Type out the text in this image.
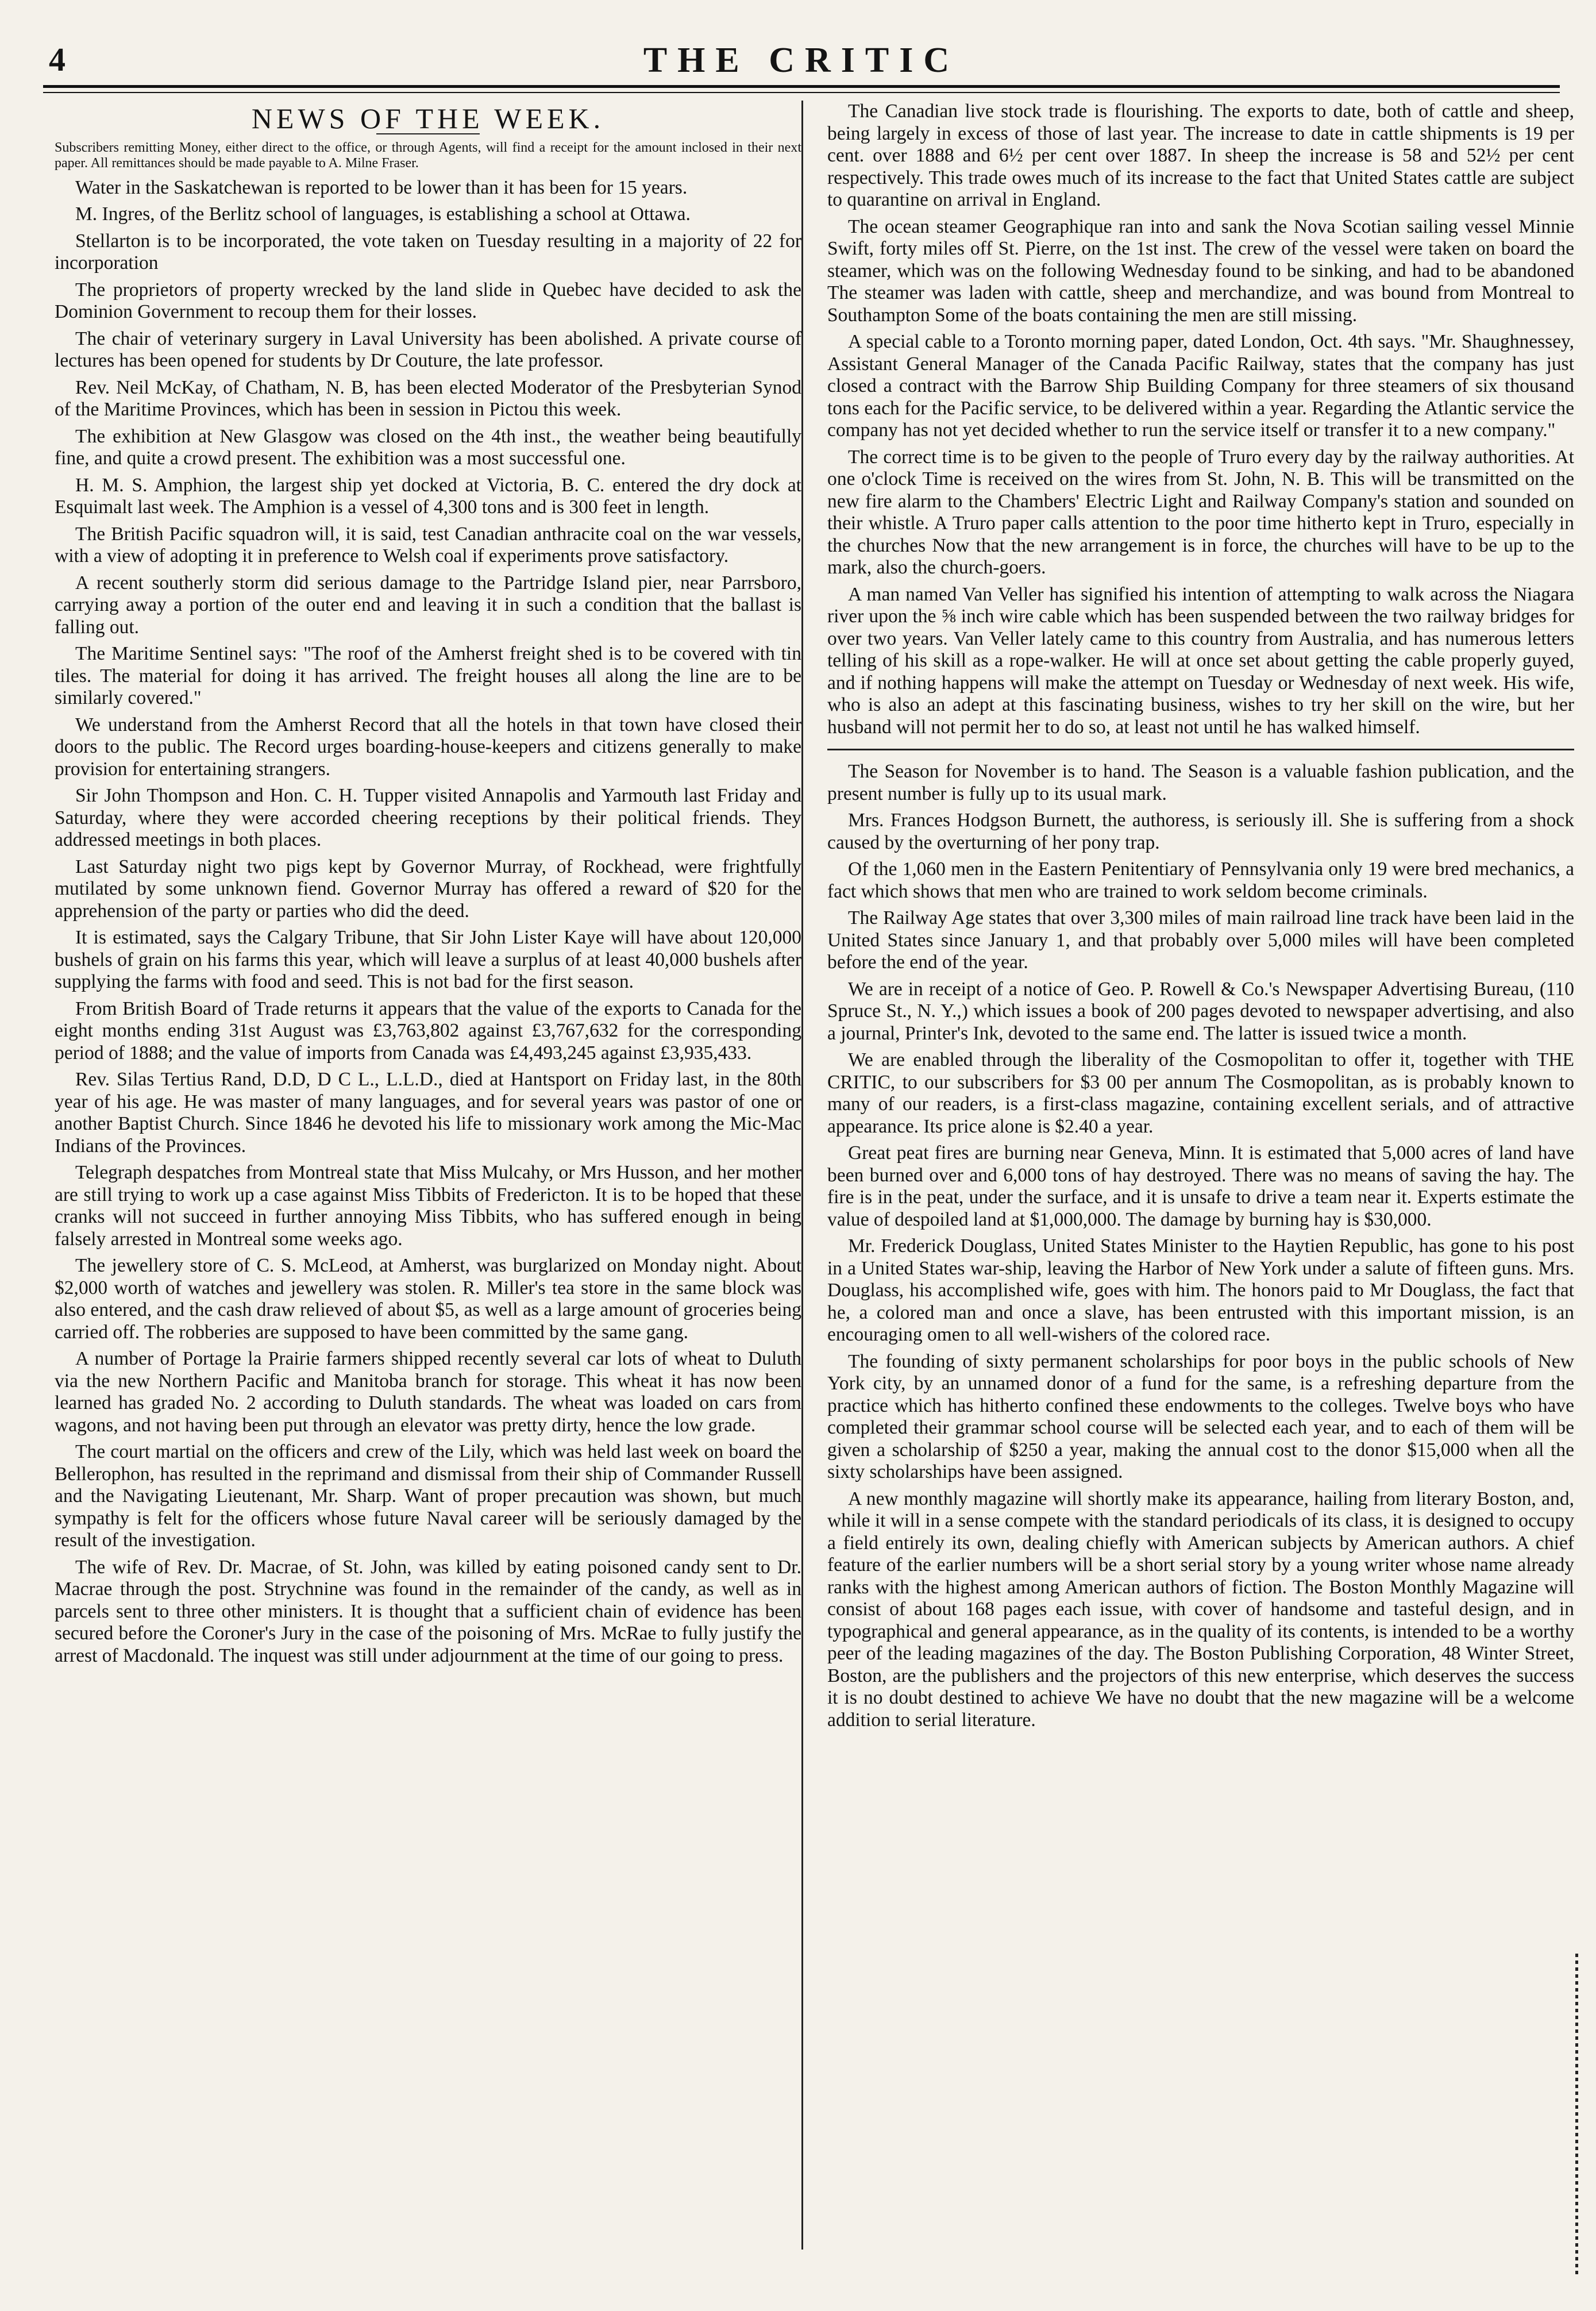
4	THE CRITIC
NEWS OF THE WEEK.

Subscribers remitting Money, either direct to the office, or through Agents, will find a receipt for the amount inclosed in their next paper. All remittances should be made payable to A. Milne Fraser.

Water in the Saskatchewan is reported to be lower than it has been for 15 years.

M. Ingres, of the Berlitz school of languages, is establishing a school at Ottawa.

Stellarton is to be incorporated, the vote taken on Tuesday resulting in a majority of 22 for incorporation

The proprietors of property wrecked by the land slide in Quebec have decided to ask the Dominion Government to recoup them for their losses.

The chair of veterinary surgery in Laval University has been abolished. A private course of lectures has been opened for students by Dr Couture, the late professor.

Rev. Neil McKay, of Chatham, N. B, has been elected Moderator of the Presbyterian Synod of the Maritime Provinces, which has been in session in Pictou this week.

The exhibition at New Glasgow was closed on the 4th inst., the weather being beautifully fine, and quite a crowd present. The exhibition was a most successful one.

H. M. S. Amphion, the largest ship yet docked at Victoria, B. C. entered the dry dock at Esquimalt last week. The Amphion is a vessel of 4,300 tons and is 300 feet in length.

The British Pacific squadron will, it is said, test Canadian anthracite coal on the war vessels, with a view of adopting it in preference to Welsh coal if experiments prove satisfactory.

A recent southerly storm did serious damage to the Partridge Island pier, near Parrsboro, carrying away a portion of the outer end and leaving it in such a condition that the ballast is falling out.

The Maritime Sentinel says: "The roof of the Amherst freight shed is to be covered with tin tiles. The material for doing it has arrived. The freight houses all along the line are to be similarly covered."

We understand from the Amherst Record that all the hotels in that town have closed their doors to the public. The Record urges boarding-house-keepers and citizens generally to make provision for entertaining strangers.

Sir John Thompson and Hon. C. H. Tupper visited Annapolis and Yarmouth last Friday and Saturday, where they were accorded cheering receptions by their political friends. They addressed meetings in both places.

Last Saturday night two pigs kept by Governor Murray, of Rockhead, were frightfully mutilated by some unknown fiend. Governor Murray has offered a reward of $20 for the apprehension of the party or parties who did the deed.

It is estimated, says the Calgary Tribune, that Sir John Lister Kaye will have about 120,000 bushels of grain on his farms this year, which will leave a surplus of at least 40,000 bushels after supplying the farms with food and seed. This is not bad for the first season.

From British Board of Trade returns it appears that the value of the exports to Canada for the eight months ending 31st August was £3,763,802 against £3,767,632 for the corresponding period of 1888; and the value of imports from Canada was £4,493,245 against £3,935,433.

Rev. Silas Tertius Rand, D.D, D C L., L.L.D., died at Hantsport on Friday last, in the 80th year of his age. He was master of many languages, and for several years was pastor of one or another Baptist Church. Since 1846 he devoted his life to missionary work among the Mic-Mac Indians of the Provinces.

Telegraph despatches from Montreal state that Miss Mulcahy, or Mrs Husson, and her mother are still trying to work up a case against Miss Tibbits of Fredericton. It is to be hoped that these cranks will not succeed in further annoying Miss Tibbits, who has suffered enough in being falsely arrested in Montreal some weeks ago.

The jewellery store of C. S. McLeod, at Amherst, was burglarized on Monday night. About $2,000 worth of watches and jewellery was stolen. R. Miller's tea store in the same block was also entered, and the cash draw relieved of about $5, as well as a large amount of groceries being carried off. The robberies are supposed to have been committed by the same gang.

A number of Portage la Prairie farmers shipped recently several car lots of wheat to Duluth via the new Northern Pacific and Manitoba branch for storage. This wheat it has now been learned has graded No. 2 according to Duluth standards. The wheat was loaded on cars from wagons, and not having been put through an elevator was pretty dirty, hence the low grade.

The court martial on the officers and crew of the Lily, which was held last week on board the Bellerophon, has resulted in the reprimand and dismissal from their ship of Commander Russell and the Navigating Lieutenant, Mr. Sharp. Want of proper precaution was shown, but much sympathy is felt for the officers whose future Naval career will be seriously damaged by the result of the investigation.

The wife of Rev. Dr. Macrae, of St. John, was killed by eating poisoned candy sent to Dr. Macrae through the post. Strychnine was found in the remainder of the candy, as well as in parcels sent to three other ministers. It is thought that a sufficient chain of evidence has been secured before the Coroner's Jury in the case of the poisoning of Mrs. McRae to fully justify the arrest of Macdonald. The inquest was still under adjournment at the time of our going to press.

The Canadian live stock trade is flourishing. The exports to date, both of cattle and sheep, being largely in excess of those of last year. The increase to date in cattle shipments is 19 per cent. over 1888 and 6½ per cent over 1887. In sheep the increase is 58 and 52½ per cent respectively. This trade owes much of its increase to the fact that United States cattle are subject to quarantine on arrival in England.

The ocean steamer Geographique ran into and sank the Nova Scotian sailing vessel Minnie Swift, forty miles off St. Pierre, on the 1st inst. The crew of the vessel were taken on board the steamer, which was on the following Wednesday found to be sinking, and had to be abandoned The steamer was laden with cattle, sheep and merchandize, and was bound from Montreal to Southampton Some of the boats containing the men are still missing.

A special cable to a Toronto morning paper, dated London, Oct. 4th says. "Mr. Shaughnessey, Assistant General Manager of the Canada Pacific Railway, states that the company has just closed a contract with the Barrow Ship Building Company for three steamers of six thousand tons each for the Pacific service, to be delivered within a year. Regarding the Atlantic service the company has not yet decided whether to run the service itself or transfer it to a new company."

The correct time is to be given to the people of Truro every day by the railway authorities. At one o'clock Time is received on the wires from St. John, N. B. This will be transmitted on the new fire alarm to the Chambers' Electric Light and Railway Company's station and sounded on their whistle. A Truro paper calls attention to the poor time hitherto kept in Truro, especially in the churches Now that the new arrangement is in force, the churches will have to be up to the mark, also the church-goers.

A man named Van Veller has signified his intention of attempting to walk across the Niagara river upon the ⅝ inch wire cable which has been suspended between the two railway bridges for over two years. Van Veller lately came to this country from Australia, and has numerous letters telling of his skill as a rope-walker. He will at once set about getting the cable properly guyed, and if nothing happens will make the attempt on Tuesday or Wednesday of next week. His wife, who is also an adept at this fascinating business, wishes to try her skill on the wire, but her husband will not permit her to do so, at least not until he has walked himself.

The Season for November is to hand. The Season is a valuable fashion publication, and the present number is fully up to its usual mark.

Mrs. Frances Hodgson Burnett, the authoress, is seriously ill. She is suffering from a shock caused by the overturning of her pony trap.

Of the 1,060 men in the Eastern Penitentiary of Pennsylvania only 19 were bred mechanics, a fact which shows that men who are trained to work seldom become criminals.

The Railway Age states that over 3,300 miles of main railroad line track have been laid in the United States since January 1, and that probably over 5,000 miles will have been completed before the end of the year.

We are in receipt of a notice of Geo. P. Rowell & Co.'s Newspaper Advertising Bureau, (110 Spruce St., N. Y.,) which issues a book of 200 pages devoted to newspaper advertising, and also a journal, Printer's Ink, devoted to the same end. The latter is issued twice a month.

We are enabled through the liberality of the Cosmopolitan to offer it, together with THE CRITIC, to our subscribers for $3 00 per annum The Cosmopolitan, as is probably known to many of our readers, is a first-class magazine, containing excellent serials, and of attractive appearance. Its price alone is $2.40 a year.

Great peat fires are burning near Geneva, Minn. It is estimated that 5,000 acres of land have been burned over and 6,000 tons of hay destroyed. There was no means of saving the hay. The fire is in the peat, under the surface, and it is unsafe to drive a team near it. Experts estimate the value of despoiled land at $1,000,000. The damage by burning hay is $30,000.

Mr. Frederick Douglass, United States Minister to the Haytien Republic, has gone to his post in a United States war-ship, leaving the Harbor of New York under a salute of fifteen guns. Mrs. Douglass, his accomplished wife, goes with him. The honors paid to Mr Douglass, the fact that he, a colored man and once a slave, has been entrusted with this important mission, is an encouraging omen to all well-wishers of the colored race.

The founding of sixty permanent scholarships for poor boys in the public schools of New York city, by an unnamed donor of a fund for the same, is a refreshing departure from the practice which has hitherto confined these endowments to the colleges. Twelve boys who have completed their grammar school course will be selected each year, and to each of them will be given a scholarship of $250 a year, making the annual cost to the donor $15,000 when all the sixty scholarships have been assigned.

A new monthly magazine will shortly make its appearance, hailing from literary Boston, and, while it will in a sense compete with the standard periodicals of its class, it is designed to occupy a field entirely its own, dealing chiefly with American subjects by American authors. A chief feature of the earlier numbers will be a short serial story by a young writer whose name already ranks with the highest among American authors of fiction. The Boston Monthly Magazine will consist of about 168 pages each issue, with cover of handsome and tasteful design, and in typographical and general appearance, as in the quality of its contents, is intended to be a worthy peer of the leading magazines of the day. The Boston Publishing Corporation, 48 Winter Street, Boston, are the publishers and the projectors of this new enterprise, which deserves the success it is no doubt destined to achieve We have no doubt that the new magazine will be a welcome addition to serial literature.
